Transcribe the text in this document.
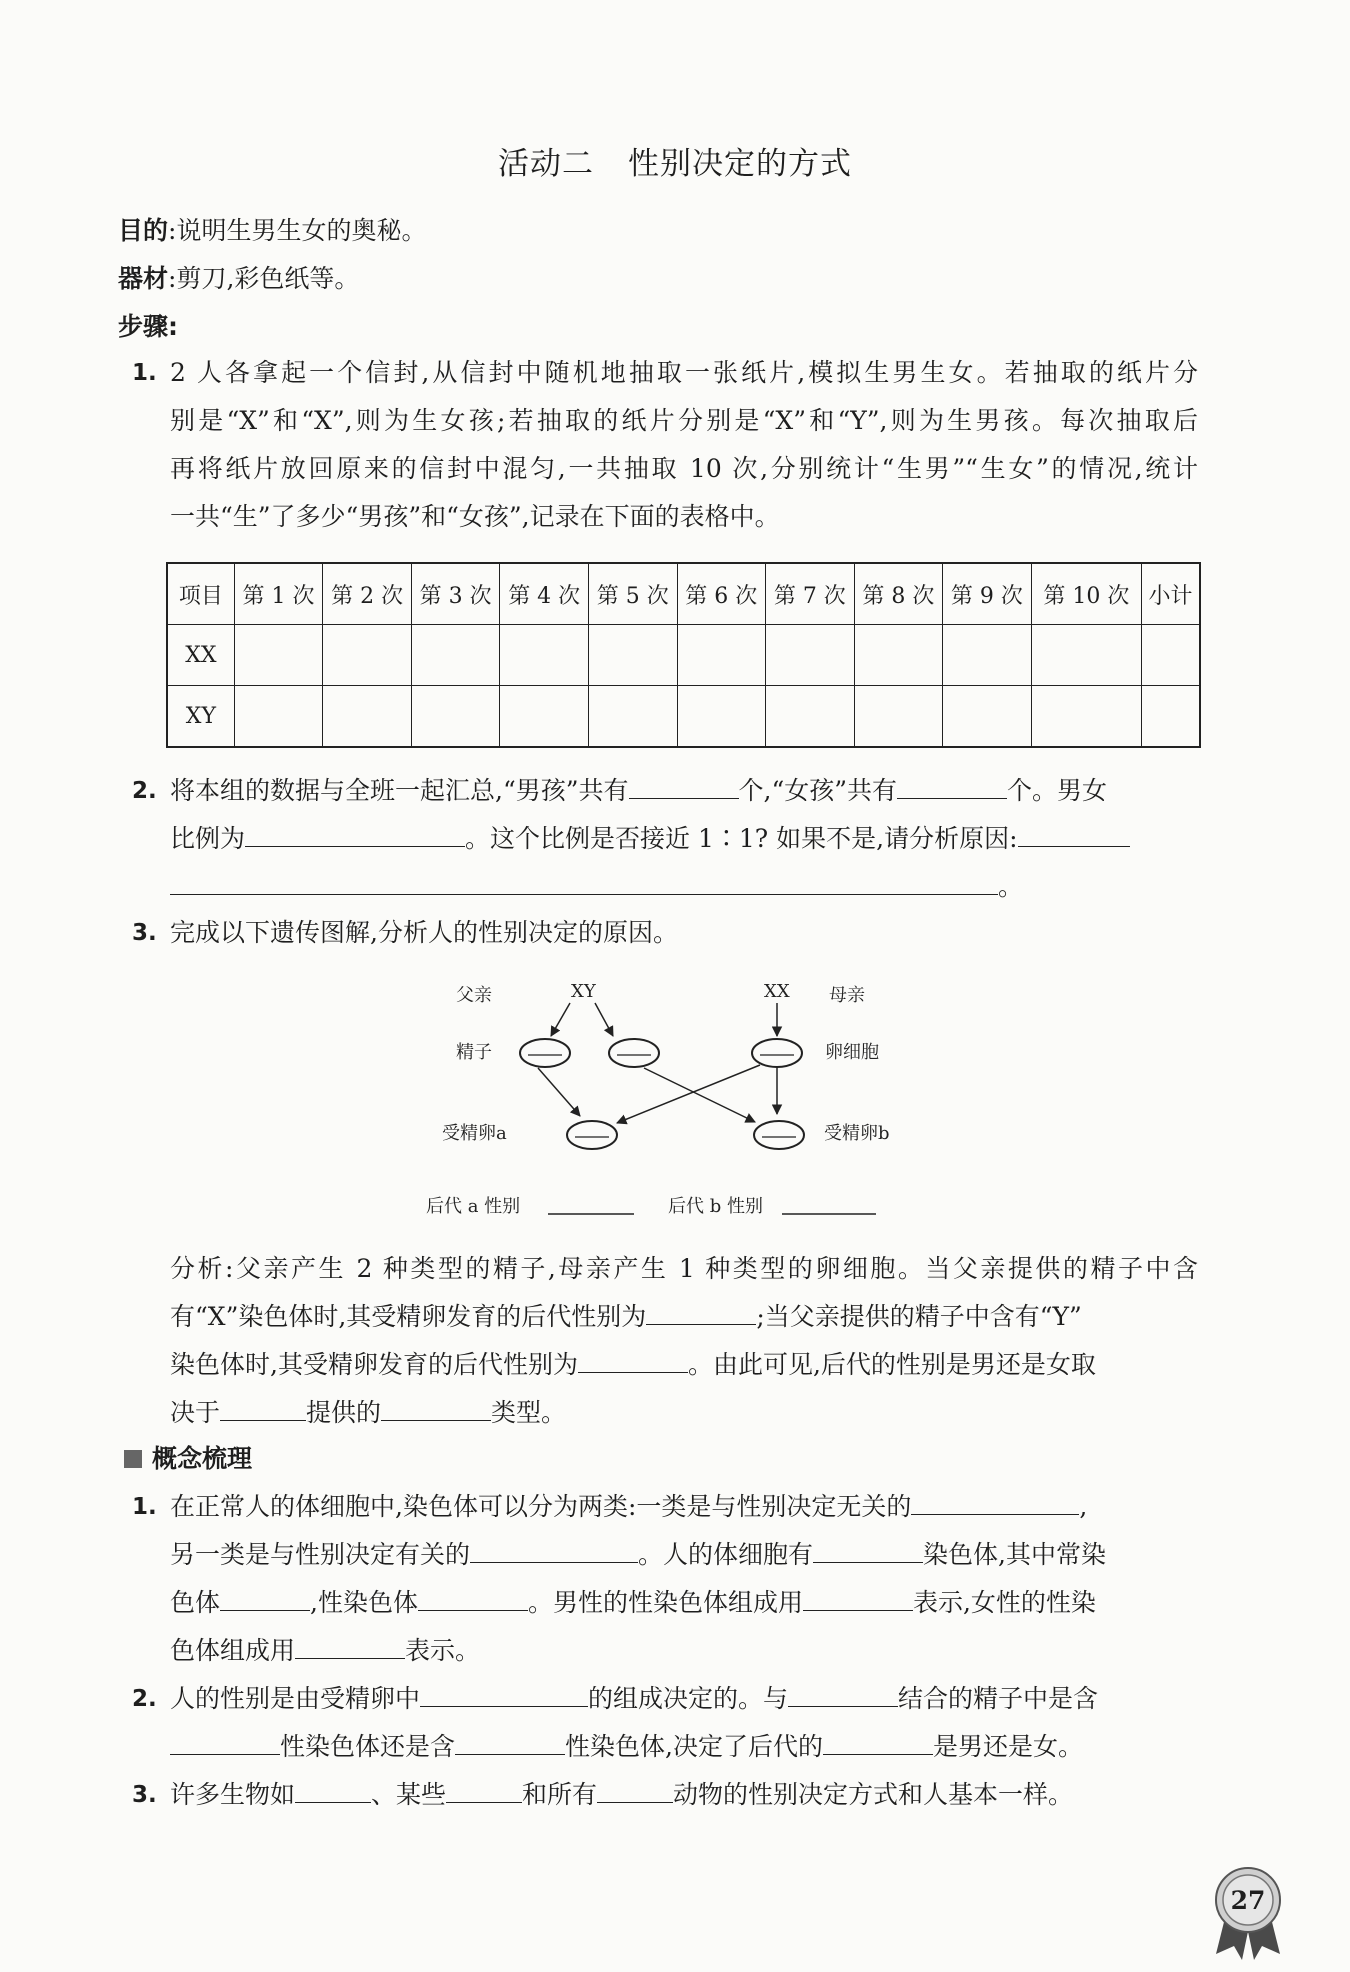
活动二 性别决定的方式
目的:说明生男生女的奥秘。
器材:剪刀,彩色纸等。
步骤:
1. 2 人各拿起一个信封,从信封中随机地抽取一张纸片,模拟生男生女。若抽取的纸片分
别是“X”和“X”,则为生女孩;若抽取的纸片分别是“X”和“Y”,则为生男孩。每次抽取后
再将纸片放回原来的信封中混匀,一共抽取 10 次,分别统计“生男”“生女”的情况,统计
一共“生”了多少“男孩”和“女孩”,记录在下面的表格中。
项目	第 1 次	第 2 次	第 3 次	第 4 次	第 5 次	第 6 次	第 7 次	第 8 次	第 9 次	第 10 次	小计
XX											
XY											
2. 将本组的数据与全班一起汇总,“男孩”共有	个,“女孩”共有	个。男女
比例为	。这个比例是否接近 1∶1? 如果不是,请分析原因:
。
3. 完成以下遗传图解,分析人的性别决定的原因。
父亲	XY	XX 母亲
精子	卵细胞
受精卵a	受精卵b
后代 a 性别	后代 b 性别
分析:父亲产生 2 种类型的精子,母亲产生 1 种类型的卵细胞。当父亲提供的精子中含
有“X”染色体时,其受精卵发育的后代性别为	;当父亲提供的精子中含有“Y”
染色体时,其受精卵发育的后代性别为	。由此可见,后代的性别是男还是女取
决于	提供的	类型。
概念梳理
1. 在正常人的体细胞中,染色体可以分为两类:一类是与性别决定无关的	,
另一类是与性别决定有关的	。人的体细胞有	染色体,其中常染
色体	,性染色体	。男性的性染色体组成用	表示,女性的性染
色体组成用	表示。
2. 人的性别是由受精卵中	的组成决定的。与	结合的精子中是含
性染色体还是含	性染色体,决定了后代的	是男还是女。
3. 许多生物如	、某些	和所有	动物的性别决定方式和人基本一样。
27
